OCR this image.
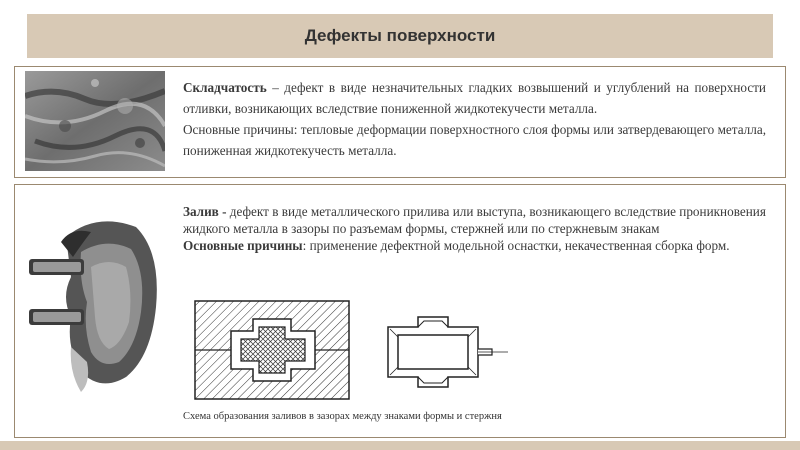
Дефекты поверхности

Складчатость – дефект в виде незначительных гладких возвышений и углублений на поверхности отливки, возникающих вследствие пониженной жидкотекучести металла.

Основные причины: тепловые деформации поверхностного слоя формы или затвердевающего металла, пониженная жидкотекучесть металла.

Залив - дефект в виде металлического прилива или выступа, возникающего вследствие проникновения жидкого металла в зазоры по разъемам формы, стержней или по стержневым знакам

Основные причины: применение дефектной модельной оснастки, некачественная сборка форм.

Схема образования заливов в зазорах между знаками формы и стержня
